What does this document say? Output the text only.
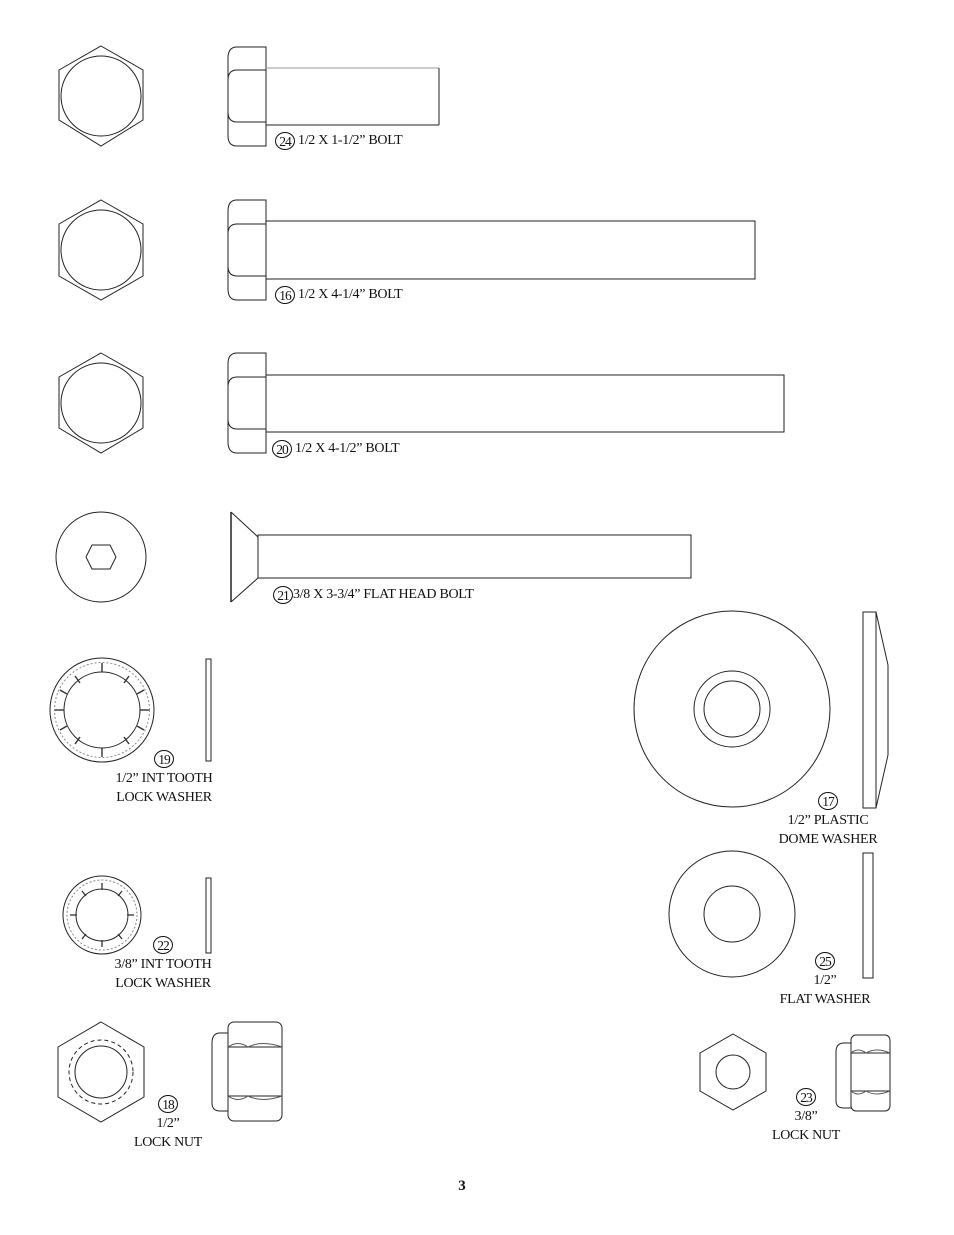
24 1/2 X 1-1/2” BOLT
16 1/2 X 4-1/4” BOLT
20 1/2 X 4-1/2” BOLT
21 3/8 X 3-3/4” FLAT HEAD BOLT
19
1/2” INT TOOTH
LOCK WASHER	17
1/2” PLASTIC
DOME WASHER
22
3/8” INT TOOTH
LOCK WASHER
25
1/2”
FLAT WASHER
18
1/2”
LOCK NUT
23
3/8”
LOCK NUT
3
